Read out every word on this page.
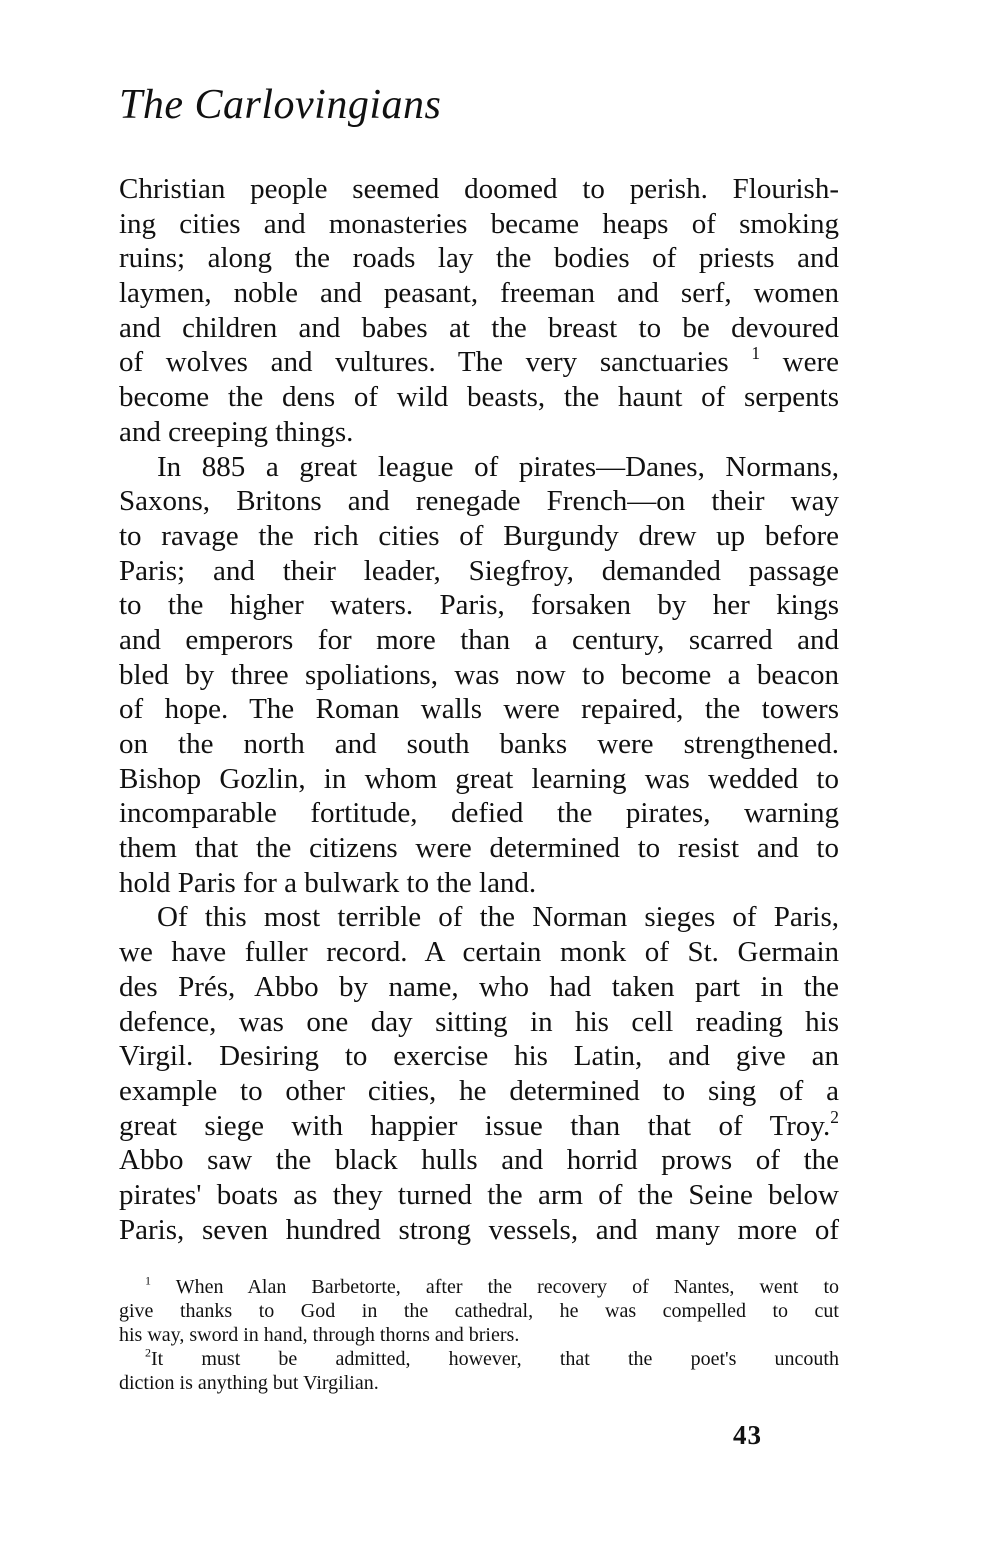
The Carlovingians
Christian people seemed doomed to perish. Flourish-
ing cities and monasteries became heaps of smoking
ruins; along the roads lay the bodies of priests and
laymen, noble and peasant, freeman and serf, women
and children and babes at the breast to be devoured
of wolves and vultures. The very sanctuaries $^1$ were
become the dens of wild beasts, the haunt of serpents
and creeping things.
In 885 a great league of pirates—Danes, Normans,
Saxons, Britons and renegade French—on their way
to ravage the rich cities of Burgundy drew up before
Paris; and their leader, Siegfroy, demanded passage
to the higher waters. Paris, forsaken by her kings
and emperors for more than a century, scarred and
bled by three spoliations, was now to become a beacon
of hope. The Roman walls were repaired, the towers
on the north and south banks were strengthened.
Bishop Gozlin, in whom great learning was wedded to
incomparable fortitude, defied the pirates, warning
them that the citizens were determined to resist and to
hold Paris for a bulwark to the land.
Of this most terrible of the Norman sieges of Paris,
we have fuller record. A certain monk of St. Germain
des Prés, Abbo by name, who had taken part in the
defence, was one day sitting in his cell reading his
Virgil. Desiring to exercise his Latin, and give an
example to other cities, he determined to sing of a
great siege with happier issue than that of Troy.$^2$
Abbo saw the black hulls and horrid prows of the
pirates' boats as they turned the arm of the Seine below
Paris, seven hundred strong vessels, and many more of
$^1$ When Alan Barbetorte, after the recovery of Nantes, went to
give thanks to God in the cathedral, he was compelled to cut
his way, sword in hand, through thorns and briers.
$^2$It must be admitted, however, that the poet's uncouth
diction is anything but Virgilian.
43
